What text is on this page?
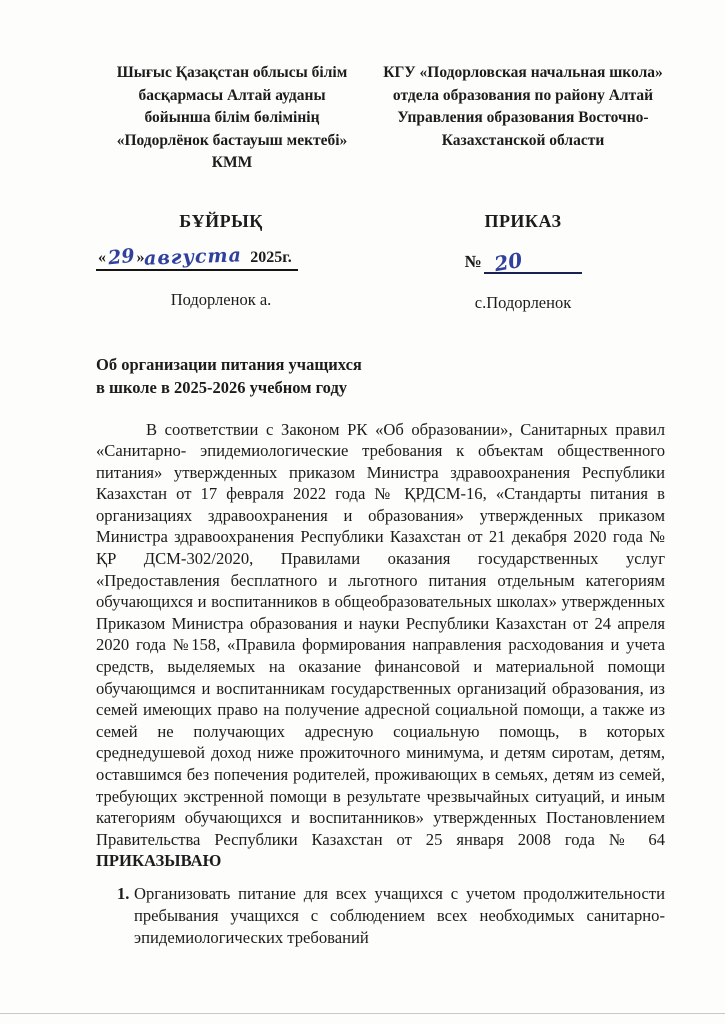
Шығыс Қазақстан облысы білім басқармасы Алтай ауданы бойынша білім бөлімінің «Подорлёнок бастауыш мектебі» КММ
КГУ «Подорловская начальная школа» отдела образования по району Алтай Управления образования Восточно-Казахстанской области
БҰЙРЫҚ
«29»августа 2025г.
Подорленок а.
ПРИКАЗ
№ 20
с.Подорленок
Об организации питания учащихся
в школе в 2025-2026 учебном году
В соответствии с Законом РК «Об образовании», Санитарных правил «Санитарно- эпидемиологические требования к объектам общественного питания» утвержденных приказом Министра здравоохранения Республики Казахстан от 17 февраля 2022 года № ҚРДСМ-16, «Стандарты питания в организациях здравоохранения и образования» утвержденных приказом Министра здравоохранения Республики Казахстан от 21 декабря 2020 года № ҚР ДСМ-302/2020, Правилами оказания государственных услуг «Предоставления бесплатного и льготного питания отдельным категориям обучающихся и воспитанников в общеобразовательных школах» утвержденных Приказом Министра образования и науки Республики Казахстан от 24 апреля 2020 года №158, «Правила формирования направления расходования и учета средств, выделяемых на оказание финансовой и материальной помощи обучающимся и воспитанникам государственных организаций образования, из семей имеющих право на получение адресной социальной помощи, а также из семей не получающих адресную социальную помощь, в которых среднедушевой доход ниже прожиточного минимума, и детям сиротам, детям, оставшимся без попечения родителей, проживающих в семьях, детям из семей, требующих экстренной помощи в результате чрезвычайных ситуаций, и иным категориям обучающихся и воспитанников» утвержденных Постановлением Правительства Республики Казахстан от 25 января 2008 года № 64 ПРИКАЗЫВАЮ
1. Организовать питание для всех учащихся с учетом продолжительности пребывания учащихся с соблюдением всех необходимых санитарно-эпидемиологических требований
